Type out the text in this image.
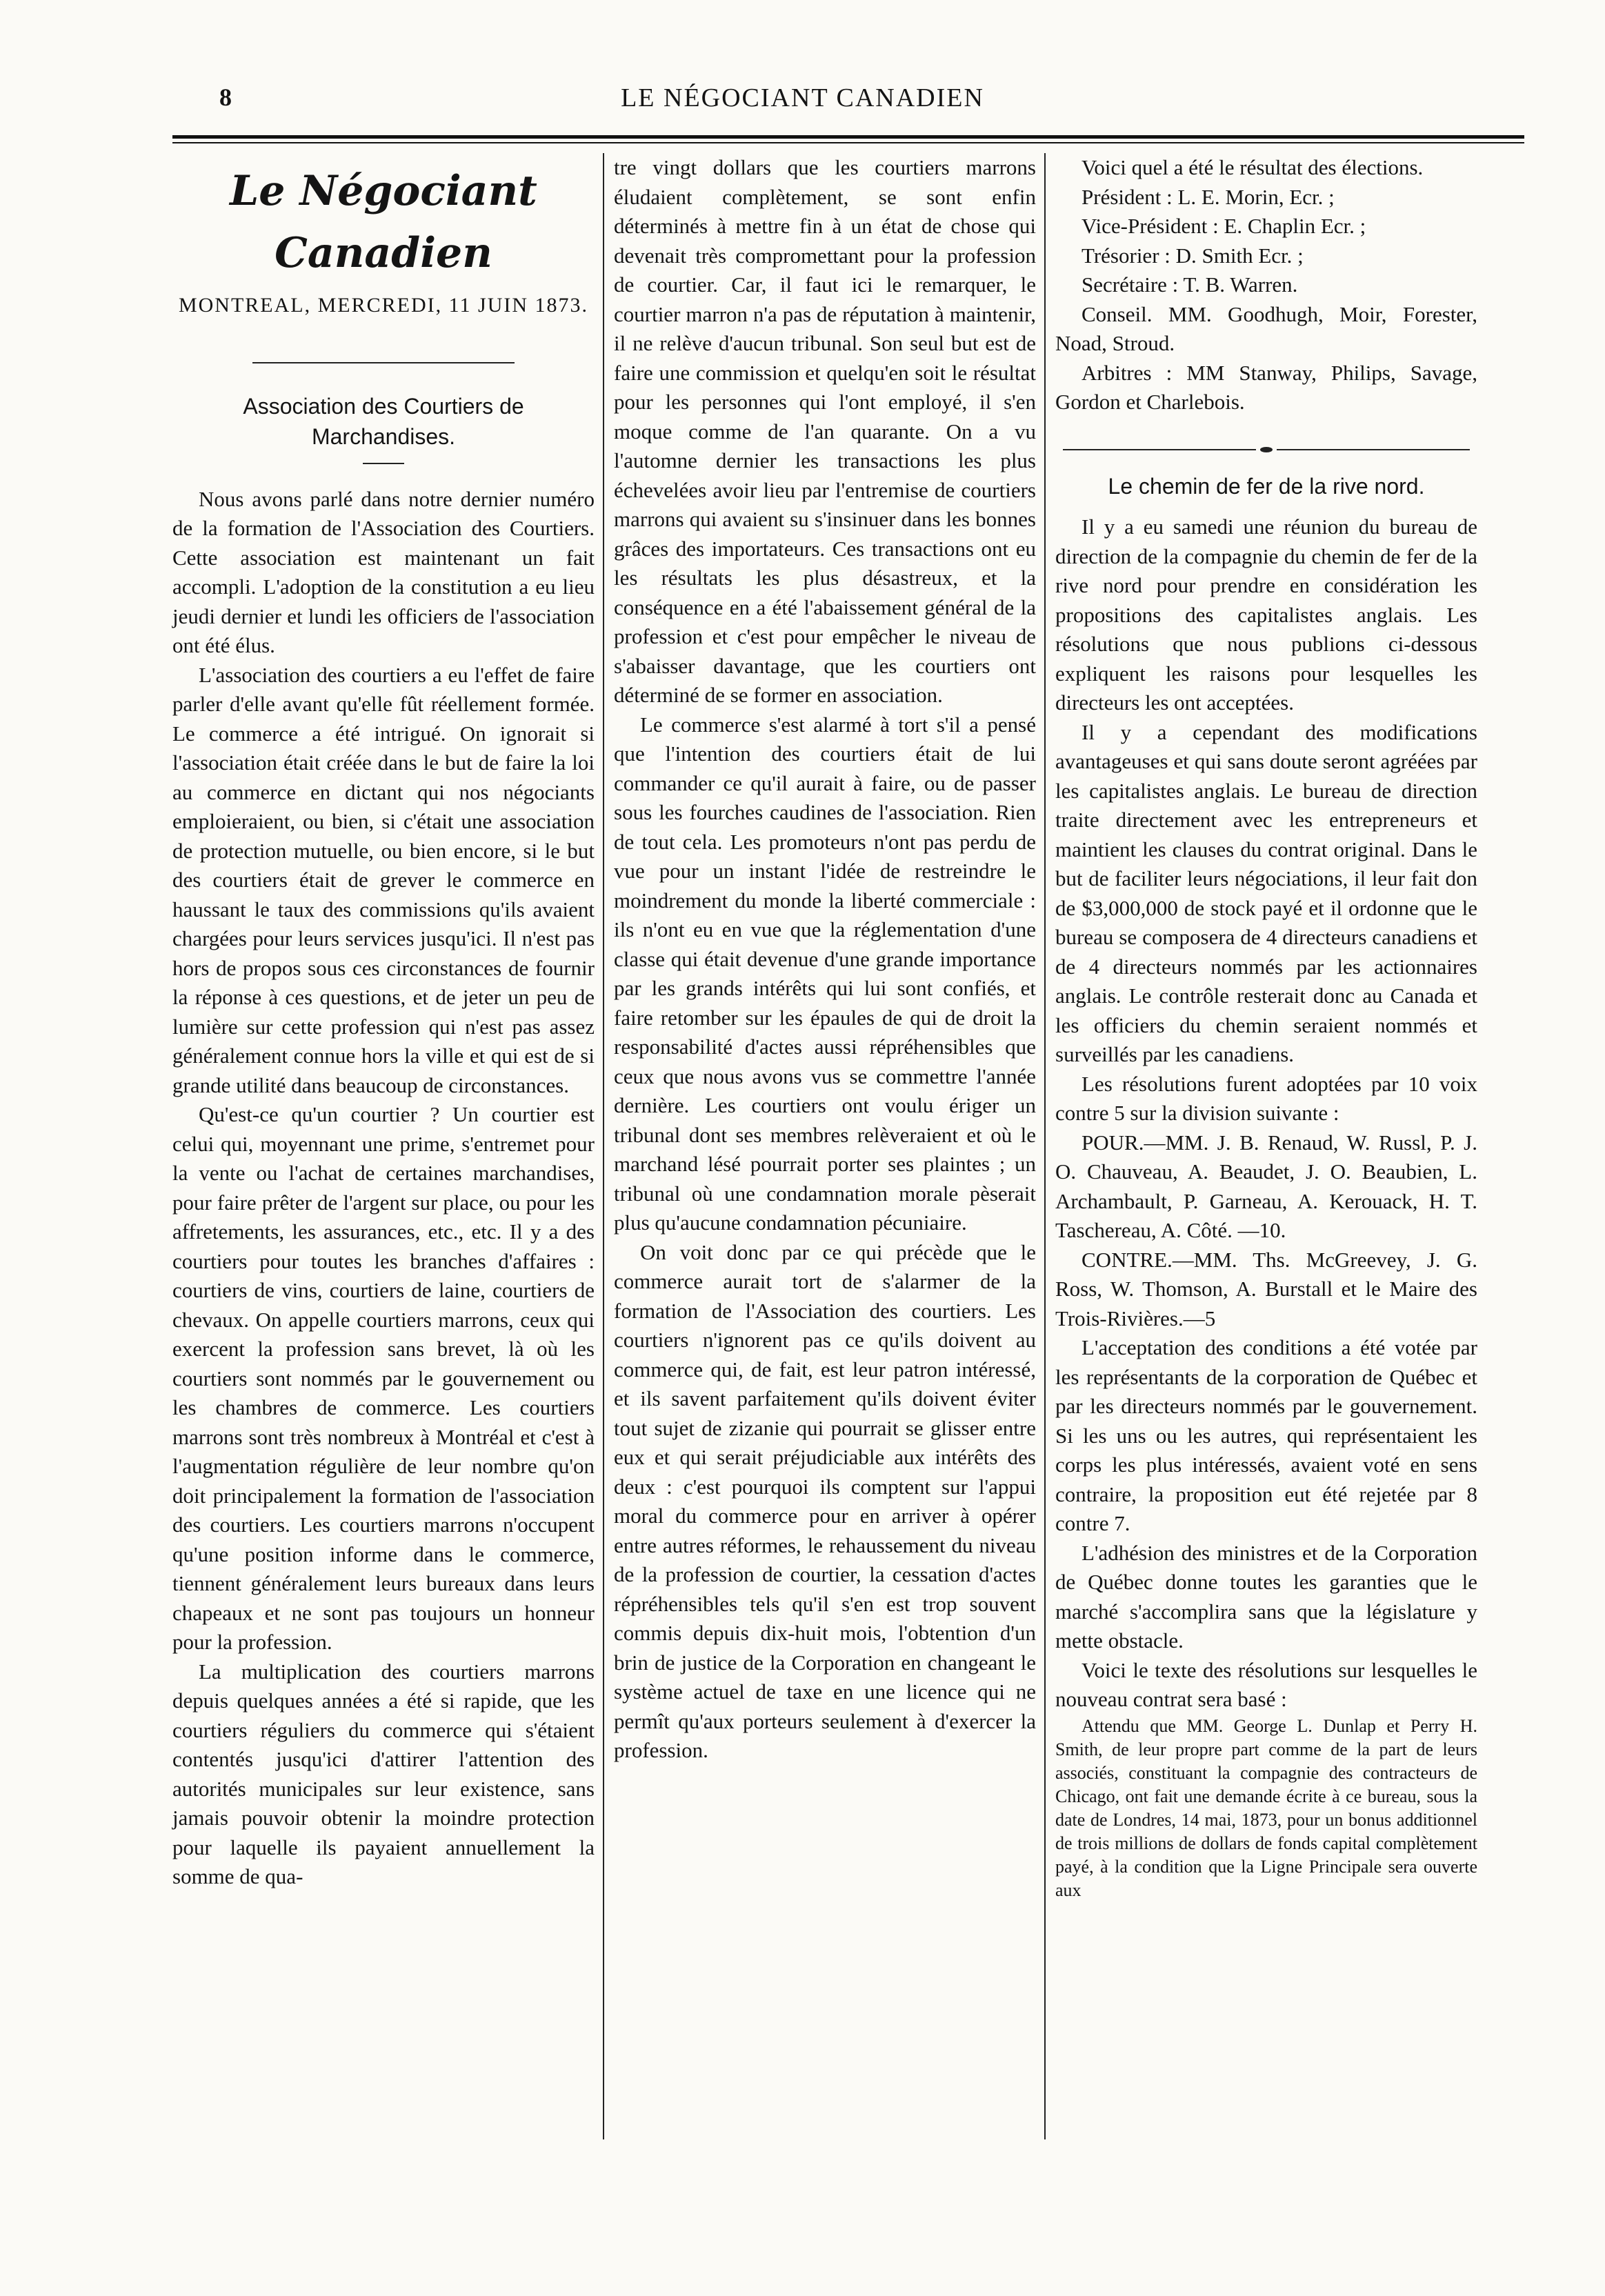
8	LE NÉGOCIANT CANADIEN
Le Négociant Canadien
MONTREAL, MERCREDI, 11 JUIN 1873.
Association des Courtiers de Marchandises.

Nous avons parlé dans notre dernier numéro de la formation de l'Association des Courtiers. Cette association est maintenant un fait accompli. L'adoption de la constitution a eu lieu jeudi dernier et lundi les officiers de l'association ont été élus.

L'association des courtiers a eu l'effet de faire parler d'elle avant qu'elle fût réellement formée. Le commerce a été intrigué. On ignorait si l'association était créée dans le but de faire la loi au commerce en dictant qui nos négociants emploieraient, ou bien, si c'était une association de protection mutuelle, ou bien encore, si le but des courtiers était de grever le commerce en haussant le taux des commissions qu'ils avaient chargées pour leurs services jusqu'ici. Il n'est pas hors de propos sous ces circonstances de fournir la réponse à ces questions, et de jeter un peu de lumière sur cette profession qui n'est pas assez généralement connue hors la ville et qui est de si grande utilité dans beaucoup de circonstances.

Qu'est-ce qu'un courtier ? Un courtier est celui qui, moyennant une prime, s'entremet pour la vente ou l'achat de certaines marchandises, pour faire prêter de l'argent sur place, ou pour les affretements, les assurances, etc., etc. Il y a des courtiers pour toutes les branches d'affaires : courtiers de vins, courtiers de laine, courtiers de chevaux. On appelle courtiers marrons, ceux qui exercent la profession sans brevet, là où les courtiers sont nommés par le gouvernement ou les chambres de commerce. Les courtiers marrons sont très nombreux à Montréal et c'est à l'augmentation régulière de leur nombre qu'on doit principalement la formation de l'association des courtiers. Les courtiers marrons n'occupent qu'une position informe dans le commerce, tiennent généralement leurs bureaux dans leurs chapeaux et ne sont pas toujours un honneur pour la profession.

La multiplication des courtiers marrons depuis quelques années a été si rapide, que les courtiers réguliers du commerce qui s'étaient contentés jusqu'ici d'attirer l'attention des autorités municipales sur leur existence, sans jamais pouvoir obtenir la moindre protection pour laquelle ils payaient annuellement la somme de qua-

tre vingt dollars que les courtiers marrons éludaient complètement, se sont enfin déterminés à mettre fin à un état de chose qui devenait très compromettant pour la profession de courtier. Car, il faut ici le remarquer, le courtier marron n'a pas de réputation à maintenir, il ne relève d'aucun tribunal. Son seul but est de faire une commission et quelqu'en soit le résultat pour les personnes qui l'ont employé, il s'en moque comme de l'an quarante. On a vu l'automne dernier les transactions les plus échevelées avoir lieu par l'entremise de courtiers marrons qui avaient su s'insinuer dans les bonnes grâces des importateurs. Ces transactions ont eu les résultats les plus désastreux, et la conséquence en a été l'abaissement général de la profession et c'est pour empêcher le niveau de s'abaisser davantage, que les courtiers ont déterminé de se former en association.

Le commerce s'est alarmé à tort s'il a pensé que l'intention des courtiers était de lui commander ce qu'il aurait à faire, ou de passer sous les fourches caudines de l'association. Rien de tout cela. Les promoteurs n'ont pas perdu de vue pour un instant l'idée de restreindre le moindrement du monde la liberté commerciale : ils n'ont eu en vue que la réglementation d'une classe qui était devenue d'une grande importance par les grands intérêts qui lui sont confiés, et faire retomber sur les épaules de qui de droit la responsabilité d'actes aussi répréhensibles que ceux que nous avons vus se commettre l'année dernière. Les courtiers ont voulu ériger un tribunal dont ses membres relèveraient et où le marchand lésé pourrait porter ses plaintes ; un tribunal où une condamnation morale pèserait plus qu'aucune condamnation pécuniaire.

On voit donc par ce qui précède que le commerce aurait tort de s'alarmer de la formation de l'Association des courtiers. Les courtiers n'ignorent pas ce qu'ils doivent au commerce qui, de fait, est leur patron intéressé, et ils savent parfaitement qu'ils doivent éviter tout sujet de zizanie qui pourrait se glisser entre eux et qui serait préjudiciable aux intérêts des deux : c'est pourquoi ils comptent sur l'appui moral du commerce pour en arriver à opérer entre autres réformes, le rehaussement du niveau de la profession de courtier, la cessation d'actes répréhensibles tels qu'il s'en est trop souvent commis depuis dix-huit mois, l'obtention d'un brin de justice de la Corporation en changeant le système actuel de taxe en une licence qui ne permît qu'aux porteurs seulement à d'exercer la profession.

Voici quel a été le résultat des élections.

Président : L. E. Morin, Ecr. ;

Vice-Président : E. Chaplin Ecr. ;

Trésorier : D. Smith Ecr. ;

Secrétaire : T. B. Warren.

Conseil. MM. Goodhugh, Moir, Forester, Noad, Stroud.

Arbitres : MM Stanway, Philips, Savage, Gordon et Charlebois.

Le chemin de fer de la rive nord.

Il y a eu samedi une réunion du bureau de direction de la compagnie du chemin de fer de la rive nord pour prendre en considération les propositions des capitalistes anglais. Les résolutions que nous publions ci-dessous expliquent les raisons pour lesquelles les directeurs les ont acceptées.

Il y a cependant des modifications avantageuses et qui sans doute seront agréées par les capitalistes anglais. Le bureau de direction traite directement avec les entrepreneurs et maintient les clauses du contrat original. Dans le but de faciliter leurs négociations, il leur fait don de $3,000,000 de stock payé et il ordonne que le bureau se composera de 4 directeurs canadiens et de 4 directeurs nommés par les actionnaires anglais. Le contrôle resterait donc au Canada et les officiers du chemin seraient nommés et surveillés par les canadiens.

Les résolutions furent adoptées par 10 voix contre 5 sur la division suivante :

POUR.—MM. J. B. Renaud, W. Russl, P. J. O. Chauveau, A. Beaudet, J. O. Beaubien, L. Archambault, P. Garneau, A. Kerouack, H. T. Taschereau, A. Côté. —10.

CONTRE.—MM. Ths. McGreevey, J. G. Ross, W. Thomson, A. Burstall et le Maire des Trois-Rivières.—5

L'acceptation des conditions a été votée par les représentants de la corporation de Québec et par les directeurs nommés par le gouvernement. Si les uns ou les autres, qui représentaient les corps les plus intéressés, avaient voté en sens contraire, la proposition eut été rejetée par 8 contre 7.

L'adhésion des ministres et de la Corporation de Québec donne toutes les garanties que le marché s'accomplira sans que la législature y mette obstacle.

Voici le texte des résolutions sur lesquelles le nouveau contrat sera basé :

Attendu que MM. George L. Dunlap et Perry H. Smith, de leur propre part comme de la part de leurs associés, constituant la compagnie des contracteurs de Chicago, ont fait une demande écrite à ce bureau, sous la date de Londres, 14 mai, 1873, pour un bonus additionnel de trois millions de dollars de fonds capital complètement payé, à la condition que la Ligne Principale sera ouverte aux
